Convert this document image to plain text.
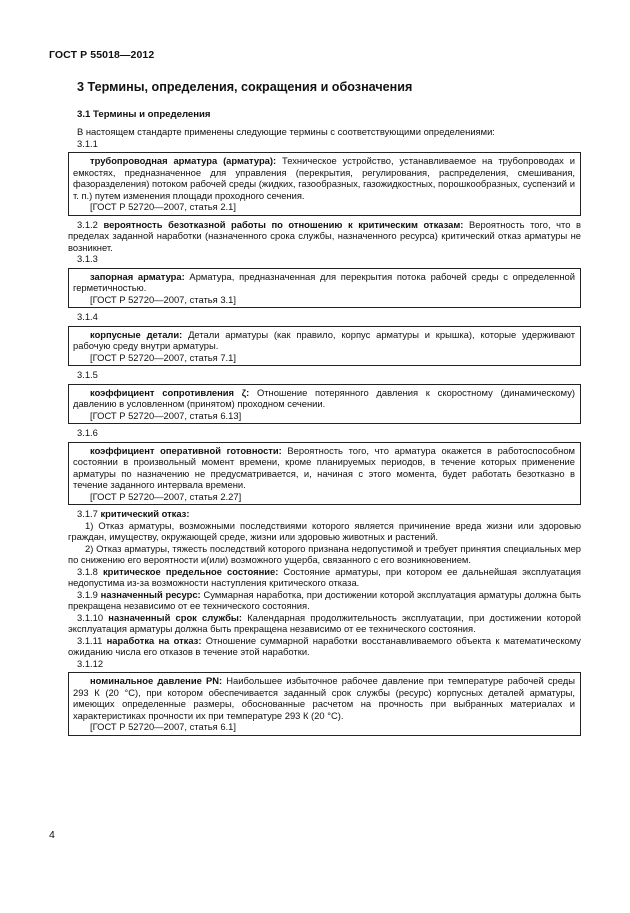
ГОСТ Р 55018—2012
3 Термины, определения, сокращения и обозначения
3.1 Термины и определения

В настоящем стандарте применены следующие термины с соответствующими определениями:

3.1.1

трубопроводная арматура (арматура): Техническое устройство, устанавливаемое на трубопроводах и емкостях, предназначенное для управления (перекрытия, регулирования, распределения, смешивания, фазоразделения) потоком рабочей среды (жидких, газообразных, газожидкостных, порошкообразных, суспензий и т. п.) путем изменения площади проходного сечения.
[ГОСТ Р 52720—2007, статья 2.1]

3.1.2 вероятность безотказной работы по отношению к критическим отказам: Вероятность того, что в пределах заданной наработки (назначенного срока службы, назначенного ресурса) критический отказ арматуры не возникнет.

3.1.3

запорная арматура: Арматура, предназначенная для перекрытия потока рабочей среды с определенной герметичностью.
[ГОСТ Р 52720—2007, статья 3.1]

3.1.4

корпусные детали: Детали арматуры (как правило, корпус арматуры и крышка), которые удерживают рабочую среду внутри арматуры.
[ГОСТ Р 52720—2007, статья 7.1]

3.1.5

коэффициент сопротивления ζ: Отношение потерянного давления к скоростному (динамическому) давлению в условленном (принятом) проходном сечении.
[ГОСТ Р 52720—2007, статья 6.13]

3.1.6

коэффициент оперативной готовности: Вероятность того, что арматура окажется в работоспособном состоянии в произвольный момент времени, кроме планируемых периодов, в течение которых применение арматуры по назначению не предусматривается, и, начиная с этого момента, будет работать безотказно в течение заданного интервала времени.
[ГОСТ Р 52720—2007, статья 2.27]

3.1.7 критический отказ:

1) Отказ арматуры, возможными последствиями которого является причинение вреда жизни или здоровью граждан, имуществу, окружающей среде, жизни или здоровью животных и растений.

2) Отказ арматуры, тяжесть последствий которого признана недопустимой и требует принятия специальных мер по снижению его вероятности и(или) возможного ущерба, связанного с его возникновением.

3.1.8 критическое предельное состояние: Состояние арматуры, при котором ее дальнейшая эксплуатация недопустима из-за возможности наступления критического отказа.

3.1.9 назначенный ресурс: Суммарная наработка, при достижении которой эксплуатация арматуры должна быть прекращена независимо от ее технического состояния.

3.1.10 назначенный срок службы: Календарная продолжительность эксплуатации, при достижении которой эксплуатация арматуры должна быть прекращена независимо от ее технического состояния.

3.1.11 наработка на отказ: Отношение суммарной наработки восстанавливаемого объекта к математическому ожиданию числа его отказов в течение этой наработки.

3.1.12

номинальное давление PN: Наибольшее избыточное рабочее давление при температуре рабочей среды 293 К (20 °С), при котором обеспечивается заданный срок службы (ресурс) корпусных деталей арматуры, имеющих определенные размеры, обоснованные расчетом на прочность при выбранных материалах и характеристиках прочности их при температуре 293 К (20 °С).
[ГОСТ Р 52720—2007, статья 6.1]
4
